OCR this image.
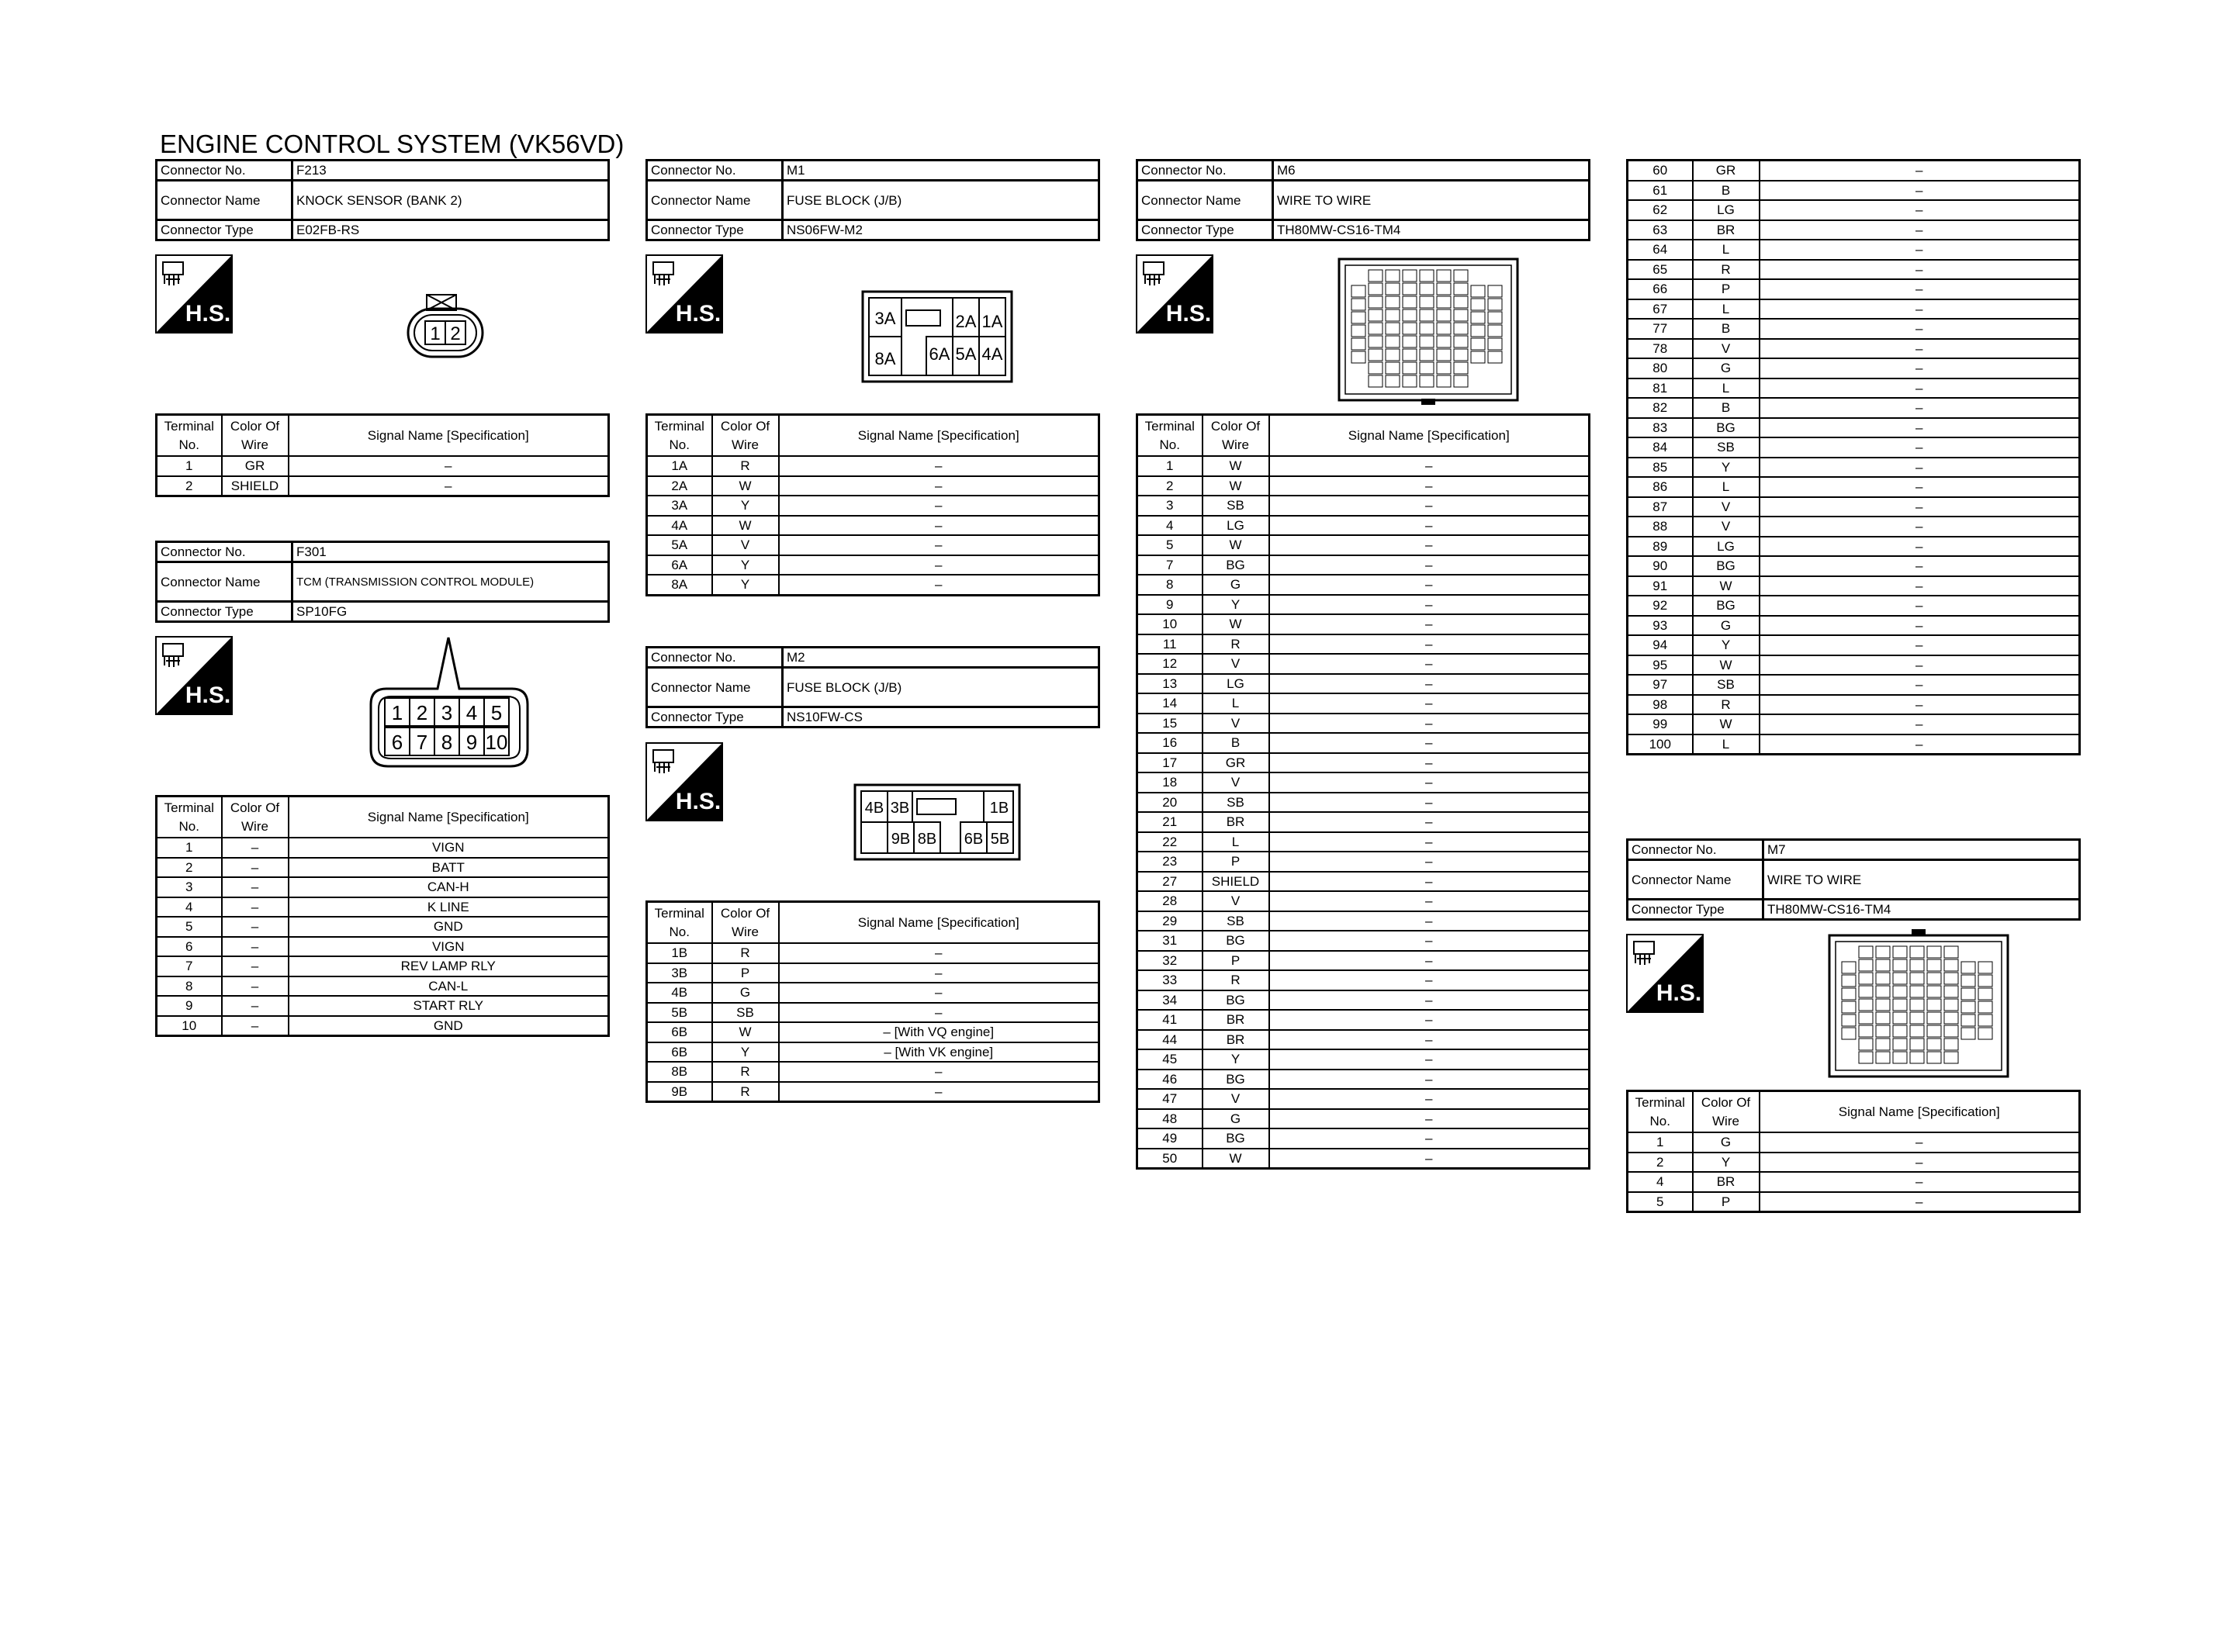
ENGINE CONTROL SYSTEM (VK56VD)
Connector No.	F213
Connector Name	KNOCK SENSOR (BANK 2)
Connector Type	E02FB-RS
H.S.
1 2
Terminal No.	Color Of Wire	Signal Name [Specification]
1	GR	–
2	SHIELD	–
Connector No.	F301
Connector Name	TCM (TRANSMISSION CONTROL MODULE)
Connector Type	SP10FG
H.S.
1 2 3 4 5
6 7 8 9 10
Terminal No.	Color Of Wire	Signal Name [Specification]
1	–	VIGN
2	–	BATT
3	–	CAN-H
4	–	K LINE
5	–	GND
6	–	VIGN
7	–	REV LAMP RLY
8	–	CAN-L
9	–	START RLY
10	–	GND
Connector No.	M1
Connector Name	FUSE BLOCK (J/B)
Connector Type	NS06FW-M2
H.S.	3A	2A 1A
8A 6A 5A 4A
Terminal No.	Color Of Wire	Signal Name [Specification]
1A	R	–
2A	W	–
3A	Y	–
4A	W	–
5A	V	–
6A	Y	–
8A	Y	–
Connector No.	M2
Connector Name	FUSE BLOCK (J/B)
Connector Type	NS10FW-CS
H.S.	4B 3B	1B
9B 8B 6B 5B
Terminal No.	Color Of Wire	Signal Name [Specification]
1B	R	–
3B	P	–
4B	G	–
5B	SB	–
6B	W	– [With VQ engine]
6B	Y	– [With VK engine]
8B	R	–
9B	R	–
Connector No.	M6
Connector Name	WIRE TO WIRE
Connector Type	TH80MW-CS16-TM4
H.S.
Terminal No.	Color Of Wire	Signal Name [Specification]
1	W	–
2	W	–
3	SB	–
4	LG	–
5	W	–
7	BG	–
8	G	–
9	Y	–
10	W	–
11	R	–
12	V	–
13	LG	–
14	L	–
15	V	–
16	B	–
17	GR	–
18	V	–
20	SB	–
21	BR	–
22	L	–
23	P	–
27	SHIELD	–
28	V	–
29	SB	–
31	BG	–
32	P	–
33	R	–
34	BG	–
41	BR	–
44	BR	–
45	Y	–
46	BG	–
47	V	–
48	G	–
49	BG	–
50	W	–
60	GR	–
61	B	–
62	LG	–
63	BR	–
64	L	–
65	R	–
66	P	–
67	L	–
77	B	–
78	V	–
80	G	–
81	L	–
82	B	–
83	BG	–
84	SB	–
85	Y	–
86	L	–
87	V	–
88	V	–
89	LG	–
90	BG	–
91	W	–
92	BG	–
93	G	–
94	Y	–
95	W	–
97	SB	–
98	R	–
99	W	–
100	L	–
Connector No.	M7
Connector Name	WIRE TO WIRE
Connector Type	TH80MW-CS16-TM4
H.S.
Terminal No.	Color Of Wire	Signal Name [Specification]
1	G	–
2	Y	–
4	BR	–
5	P	–
